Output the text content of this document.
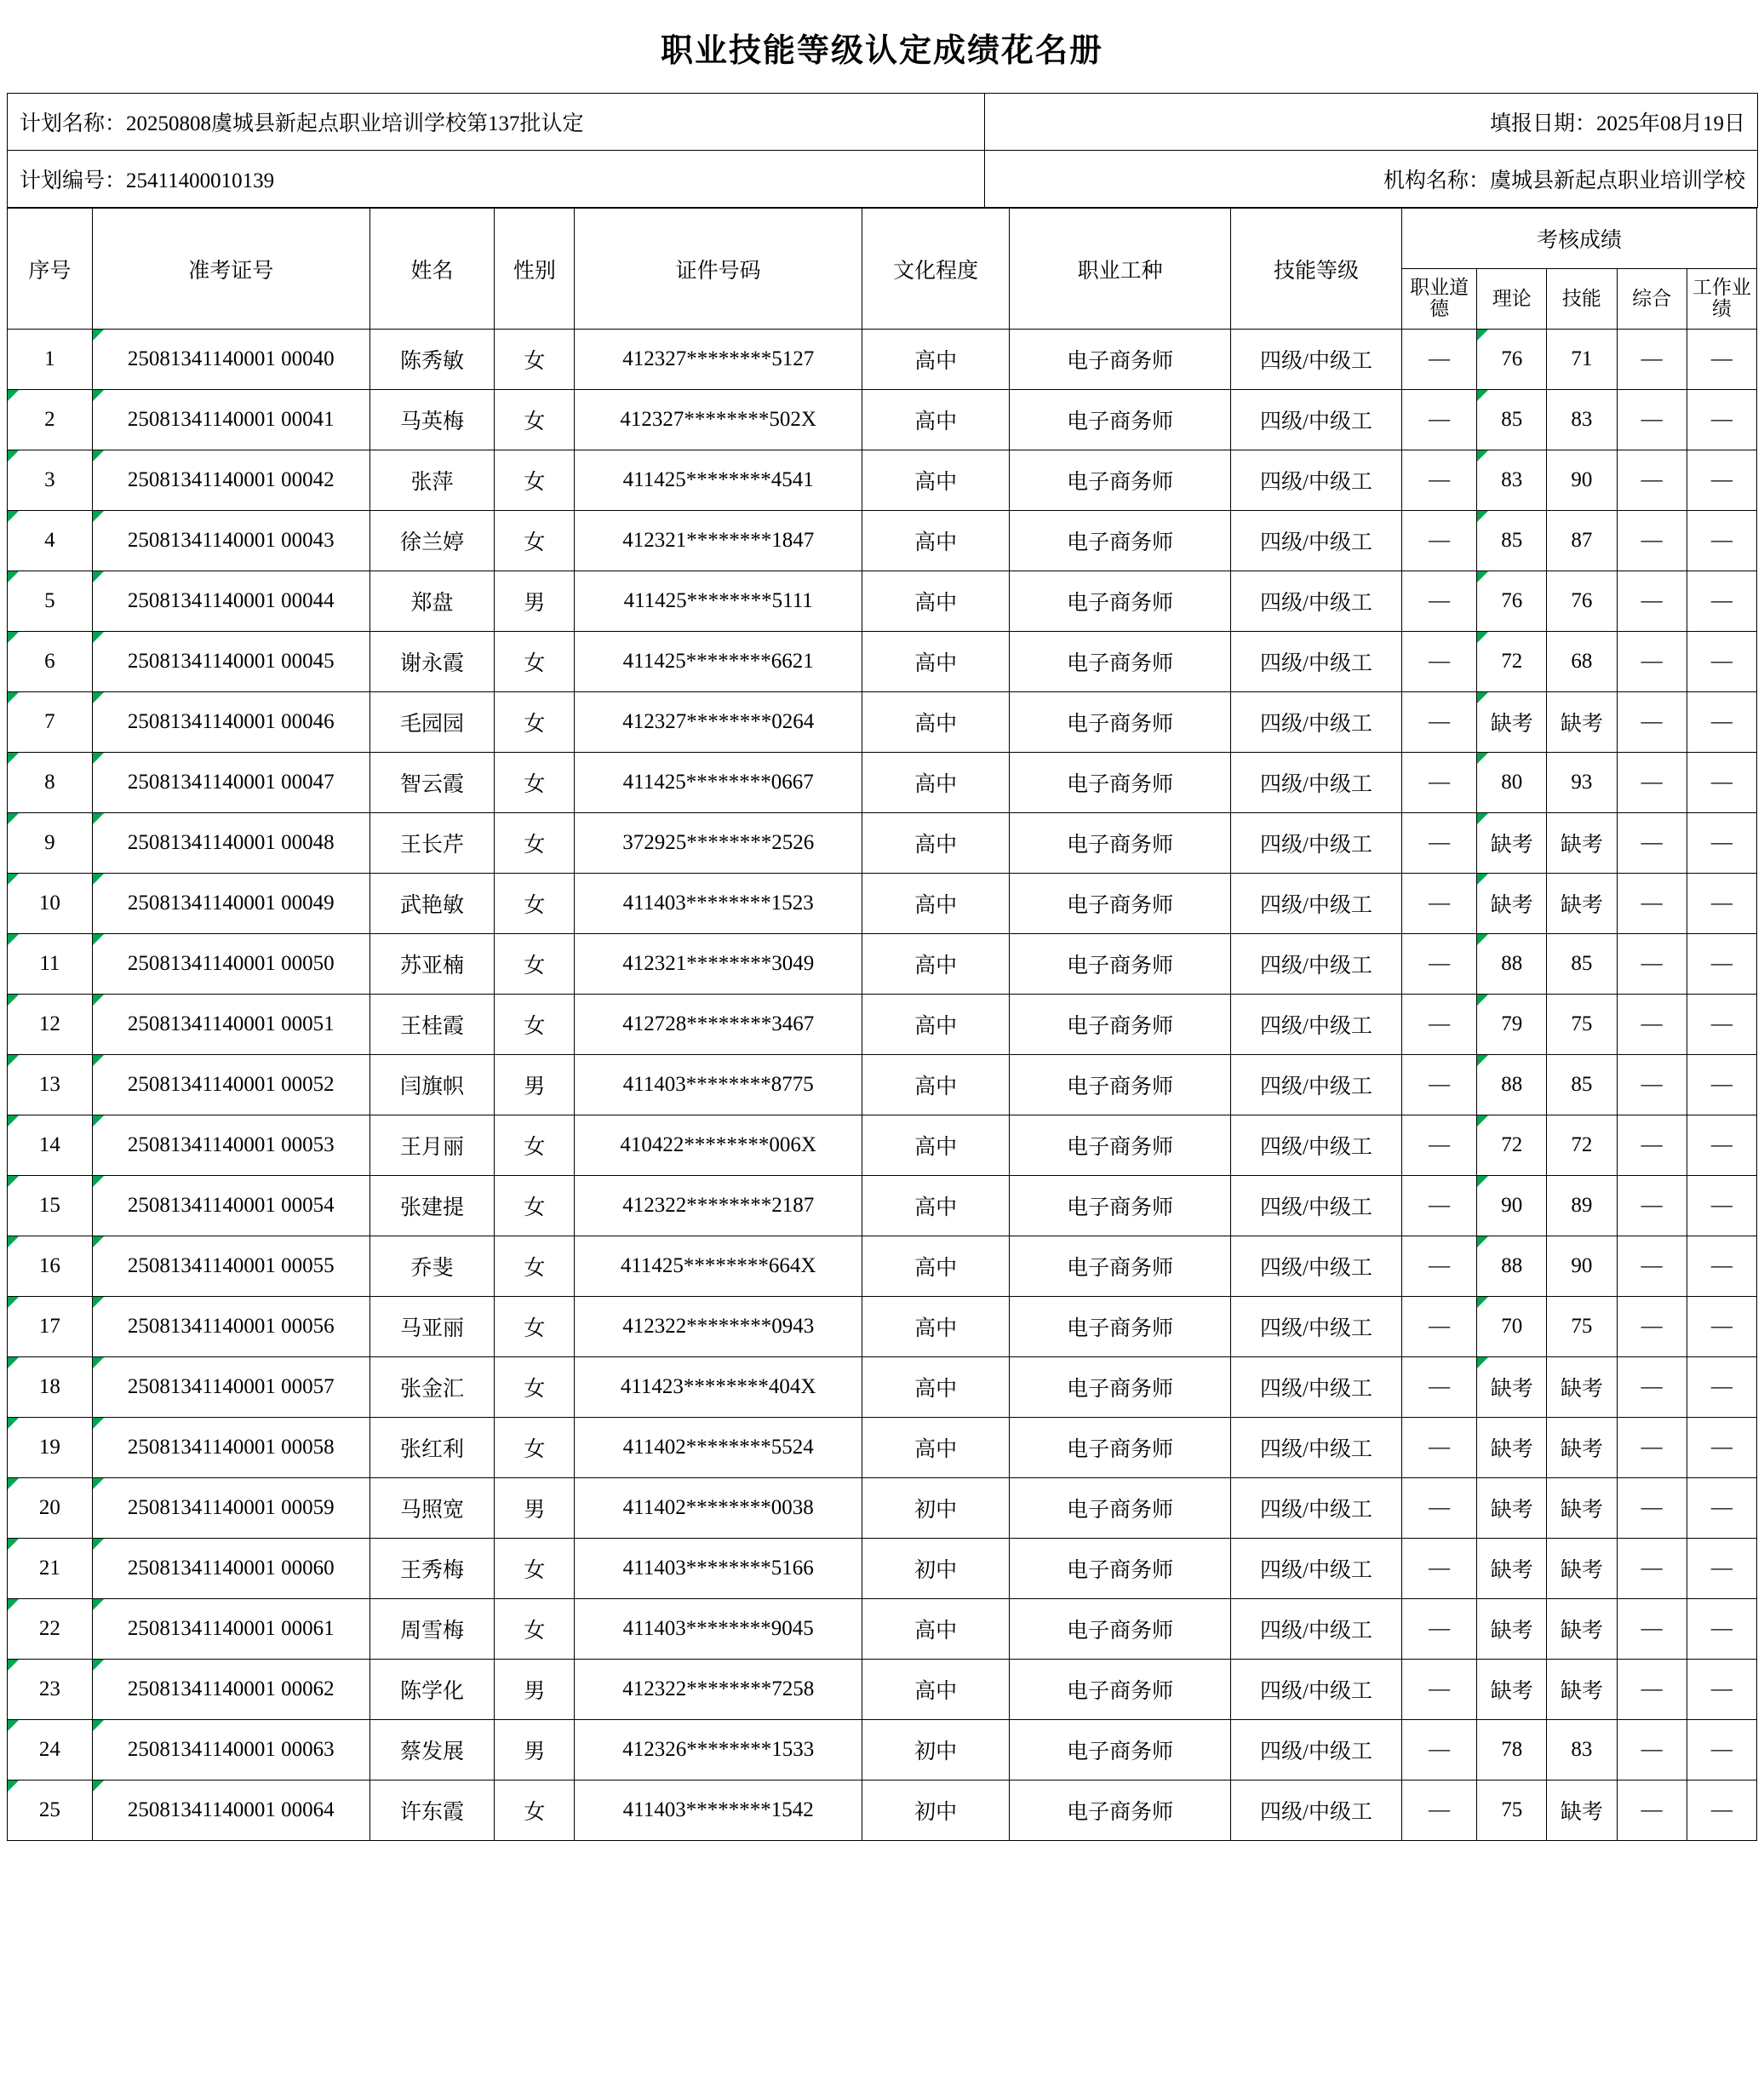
职业技能等级认定成绩花名册
计划名称：20250808虞城县新起点职业培训学校第137批认定	填报日期：2025年08月19日
计划编号：25411400010139	机构名称：虞城县新起点职业培训学校
序号	准考证号	姓名	性别	证件号码	文化程度	职业工种	技能等级	考核成绩				

								职业道德	理论	技能	综合	工作业绩

1	25081341140001 00040	陈秀敏	女	412327********5127	高中	电子商务师	四级/中级工	—	76	71	—	—
2	25081341140001 00041	马英梅	女	412327********502X	高中	电子商务师	四级/中级工	—	85	83	—	—
3	25081341140001 00042	张萍	女	411425********4541	高中	电子商务师	四级/中级工	—	83	90	—	—
4	25081341140001 00043	徐兰婷	女	412321********1847	高中	电子商务师	四级/中级工	—	85	87	—	—
5	25081341140001 00044	郑盘	男	411425********5111	高中	电子商务师	四级/中级工	—	76	76	—	—
6	25081341140001 00045	谢永霞	女	411425********6621	高中	电子商务师	四级/中级工	—	72	68	—	—
7	25081341140001 00046	毛园园	女	412327********0264	高中	电子商务师	四级/中级工	—	缺考	缺考	—	—
8	25081341140001 00047	智云霞	女	411425********0667	高中	电子商务师	四级/中级工	—	80	93	—	—
9	25081341140001 00048	王长芹	女	372925********2526	高中	电子商务师	四级/中级工	—	缺考	缺考	—	—
10	25081341140001 00049	武艳敏	女	411403********1523	高中	电子商务师	四级/中级工	—	缺考	缺考	—	—
11	25081341140001 00050	苏亚楠	女	412321********3049	高中	电子商务师	四级/中级工	—	88	85	—	—
12	25081341140001 00051	王桂霞	女	412728********3467	高中	电子商务师	四级/中级工	—	79	75	—	—
13	25081341140001 00052	闫旗帜	男	411403********8775	高中	电子商务师	四级/中级工	—	88	85	—	—
14	25081341140001 00053	王月丽	女	410422********006X	高中	电子商务师	四级/中级工	—	72	72	—	—
15	25081341140001 00054	张建提	女	412322********2187	高中	电子商务师	四级/中级工	—	90	89	—	—
16	25081341140001 00055	乔斐	女	411425********664X	高中	电子商务师	四级/中级工	—	88	90	—	—
17	25081341140001 00056	马亚丽	女	412322********0943	高中	电子商务师	四级/中级工	—	70	75	—	—
18	25081341140001 00057	张金汇	女	411423********404X	高中	电子商务师	四级/中级工	—	缺考	缺考	—	—
19	25081341140001 00058	张红利	女	411402********5524	高中	电子商务师	四级/中级工	—	缺考	缺考	—	—
20	25081341140001 00059	马照宽	男	411402********0038	初中	电子商务师	四级/中级工	—	缺考	缺考	—	—
21	25081341140001 00060	王秀梅	女	411403********5166	初中	电子商务师	四级/中级工	—	缺考	缺考	—	—
22	25081341140001 00061	周雪梅	女	411403********9045	高中	电子商务师	四级/中级工	—	缺考	缺考	—	—
23	25081341140001 00062	陈学化	男	412322********7258	高中	电子商务师	四级/中级工	—	缺考	缺考	—	—
24	25081341140001 00063	蔡发展	男	412326********1533	初中	电子商务师	四级/中级工	—	78	83	—	—
25	25081341140001 00064	许东霞	女	411403********1542	初中	电子商务师	四级/中级工	—	75	缺考	—	—
